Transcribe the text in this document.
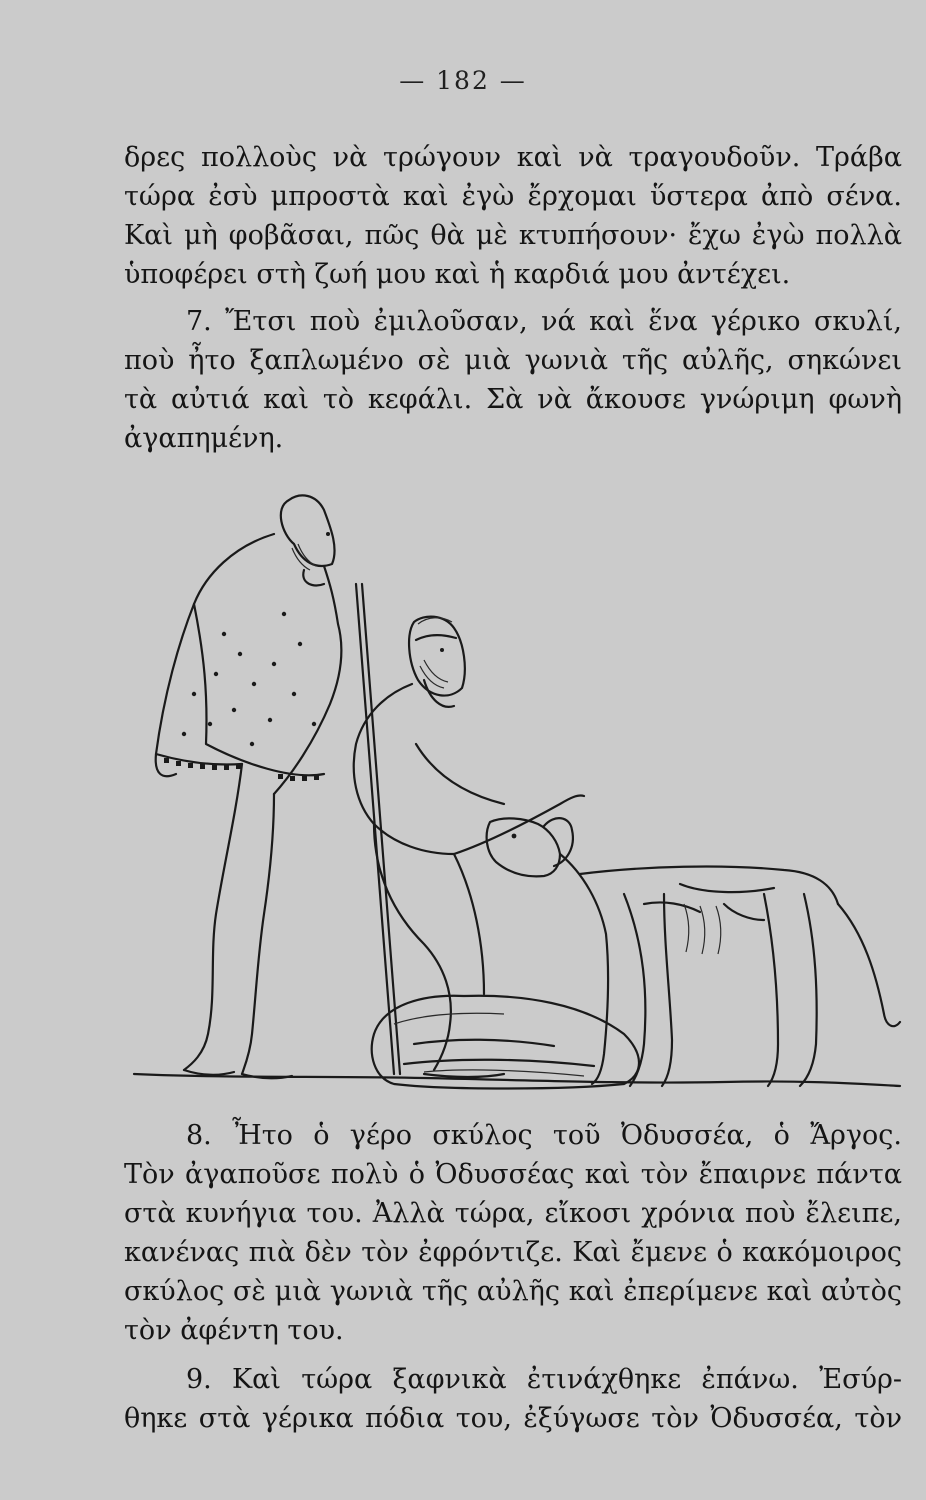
— 182 —
δρες πολλοὺς νὰ τρώγουν καὶ νὰ τραγουδοῦν. Τράβα
τώρα ἐσὺ μπροστὰ καὶ ἐγὼ ἔρχομαι ὕστερα ἀπὸ σένα.
Καὶ μὴ φοβᾶσαι, πῶς θὰ μὲ κτυπήσουν· ἔχω ἐγὼ πολλὰ
ὑποφέρει στὴ ζωή μου καὶ ἡ καρδιά μου ἀντέχει.
7. Ἔτσι ποὺ ἐμιλοῦσαν, νά καὶ ἕνα γέρικο σκυλί,
ποὺ ἦτο ξαπλωμένο σὲ μιὰ γωνιὰ τῆς αὐλῆς, σηκώνει
τὰ αὐτιά καὶ τὸ κεφάλι. Σὰ νὰ ἄκουσε γνώριμη φωνὴ
ἀγαπημένη.
8. Ἦτο ὁ γέρο σκύλος τοῦ Ὀδυσσέα, ὁ Ἄργος.
Τὸν ἀγαποῦσε πολὺ ὁ Ὀδυσσέας καὶ τὸν ἔπαιρνε πάντα
στὰ κυνήγια του. Ἀλλὰ τώρα, εἴκοσι χρόνια ποὺ ἔλειπε,
κανένας πιὰ δὲν τὸν ἐφρόντιζε. Καὶ ἔμενε ὁ κακόμοιρος
σκύλος σὲ μιὰ γωνιὰ τῆς αὐλῆς καὶ ἐπερίμενε καὶ αὐτὸς
τὸν ἀφέντη του.
9. Καὶ τώρα ξαφνικὰ ἐτινάχθηκε ἐπάνω. Ἐσύρ-
θηκε στὰ γέρικα πόδια του, ἐξύγωσε τὸν Ὀδυσσέα, τὸν
